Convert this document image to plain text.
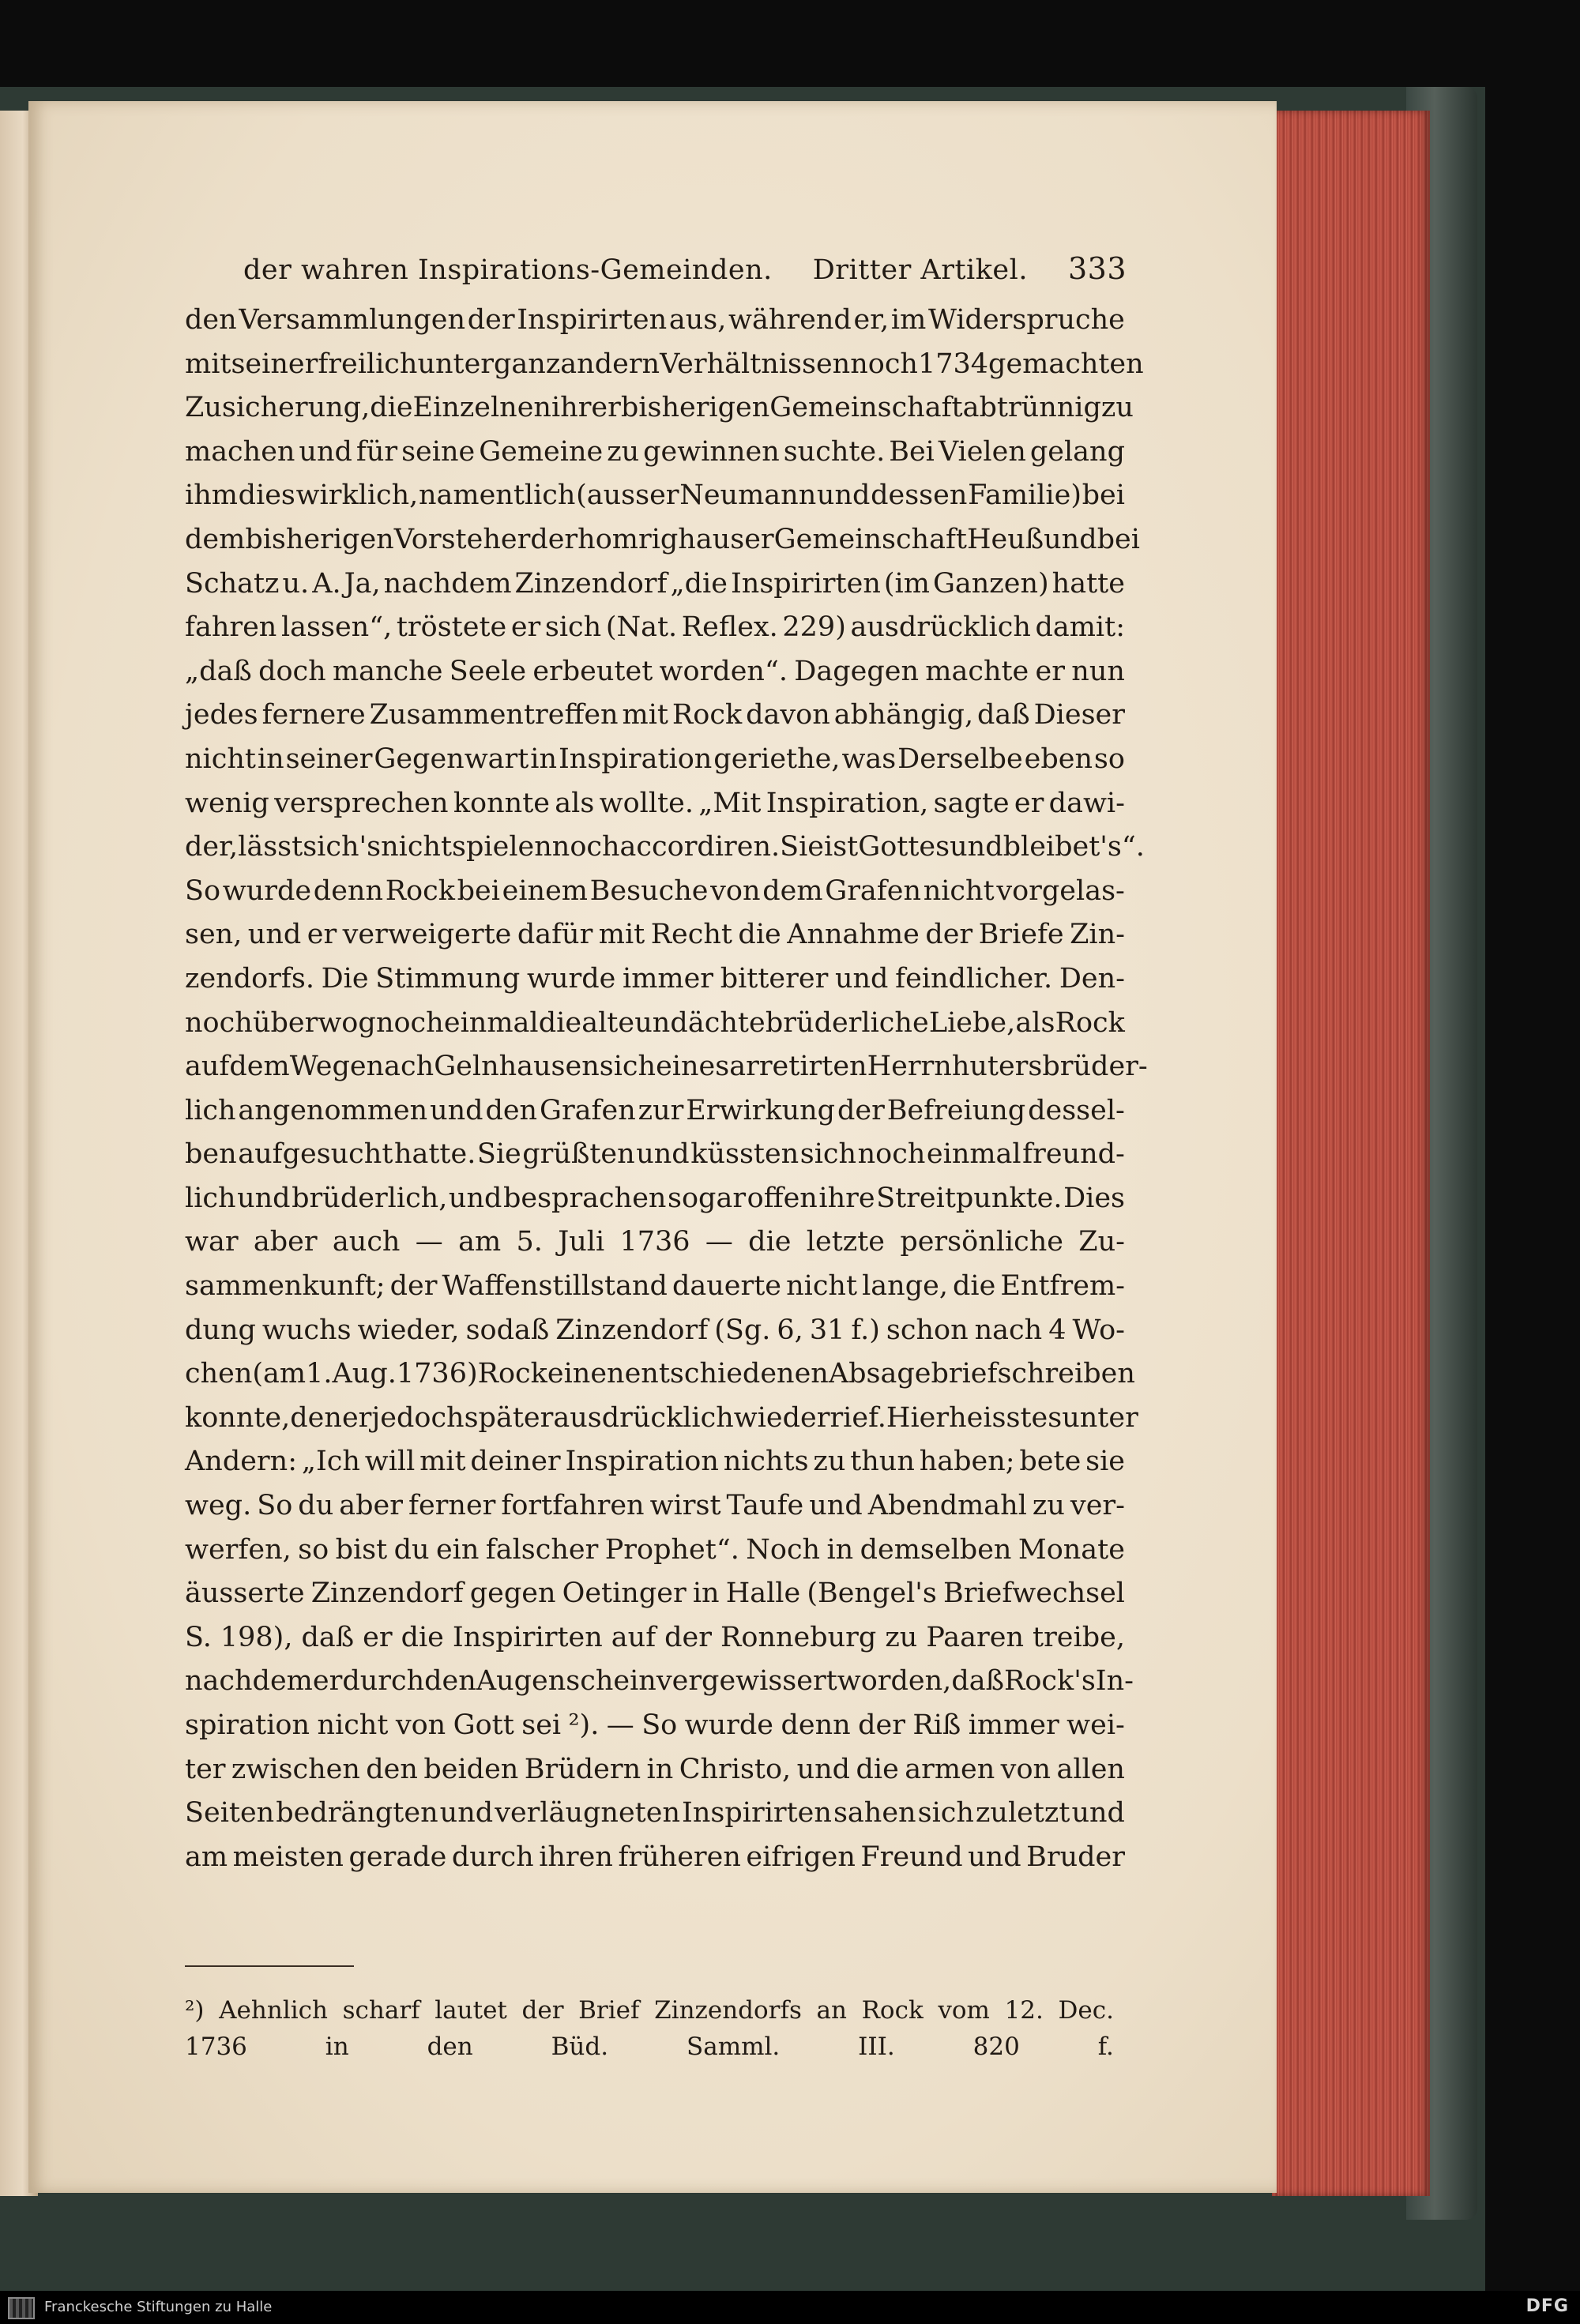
der wahren Inspirations-Gemeinden. Dritter Artikel. 333
den Versammlungen der Inspirirten aus, während er, im Widerspruche
mit seiner freilich unter ganz andern Verhältnissen noch 1734 gemachten
Zusicherung, die Einzelnen ihrer bisherigen Gemeinschaft abtrünnig zu
machen und für seine Gemeine zu gewinnen suchte. Bei Vielen gelang
ihm dies wirklich, namentlich (ausser Neumann und dessen Familie) bei
dem bisherigen Vorsteher der homrighauser Gemeinschaft Heuß und bei
Schatz u. A. Ja, nachdem Zinzendorf „die Inspirirten (im Ganzen) hatte
fahren lassen“, tröstete er sich (Nat. Reflex. 229) ausdrücklich damit:
„daß doch manche Seele erbeutet worden“. Dagegen machte er nun
jedes fernere Zusammentreffen mit Rock davon abhängig, daß Dieser
nicht in seiner Gegenwart in Inspiration geriethe, was Derselbe eben so
wenig versprechen konnte als wollte. „Mit Inspiration, sagte er dawi-
der, lässt sich's nicht spielen noch accordiren. Sie ist Gottes und bleibet's“.
So wurde denn Rock bei einem Besuche von dem Grafen nicht vorgelas-
sen, und er verweigerte dafür mit Recht die Annahme der Briefe Zin-
zendorfs. Die Stimmung wurde immer bitterer und feindlicher. Den-
noch überwog noch einmal die alte und ächte brüderliche Liebe, als Rock
auf dem Wege nach Gelnhausen sich eines arretirten Herrnhuters brüder-
lich angenommen und den Grafen zur Erwirkung der Befreiung dessel-
ben aufgesucht hatte. Sie grüßten und küssten sich noch einmal freund-
lich und brüderlich, und besprachen sogar offen ihre Streitpunkte. Dies
war aber auch — am 5. Juli 1736 — die letzte persönliche Zu-
sammenkunft; der Waffenstillstand dauerte nicht lange, die Entfrem-
dung wuchs wieder, sodaß Zinzendorf (Sg. 6, 31 f.) schon nach 4 Wo-
chen (am 1. Aug. 1736) Rock einen entschiedenen Absagebrief schreiben
konnte, den er jedoch später ausdrücklich wiederrief. Hier heisst es unter
Andern: „Ich will mit deiner Inspiration nichts zu thun haben; bete sie
weg. So du aber ferner fortfahren wirst Taufe und Abendmahl zu ver-
werfen, so bist du ein falscher Prophet“. Noch in demselben Monate
äusserte Zinzendorf gegen Oetinger in Halle (Bengel's Briefwechsel
S. 198), daß er die Inspirirten auf der Ronneburg zu Paaren treibe,
nachdem er durch den Augenschein vergewissert worden, daß Rock's In-
spiration nicht von Gott sei ²). — So wurde denn der Riß immer wei-
ter zwischen den beiden Brüdern in Christo, und die armen von allen
Seiten bedrängten und verläugneten Inspirirten sahen sich zuletzt und
am meisten gerade durch ihren früheren eifrigen Freund und Bruder
²) Aehnlich scharf lautet der Brief Zinzendorfs an Rock vom 12. Dec.
1736	in	den	Büd.	Samml.	III.	820	f.
Franckesche Stiftungen zu Halle	DFG
